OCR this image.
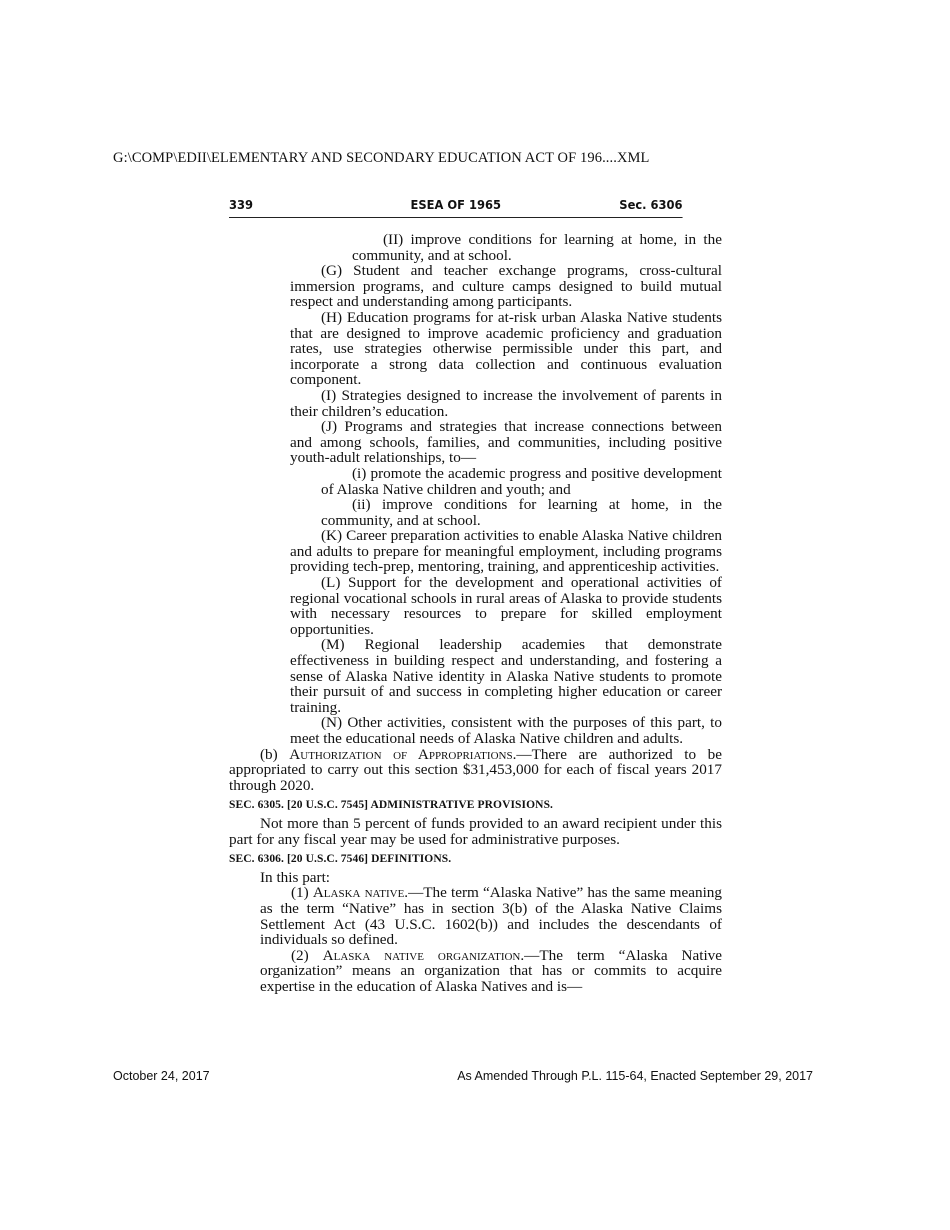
G:\COMP\EDII\ELEMENTARY AND SECONDARY EDUCATION ACT OF 196....XML
339	ESEA OF 1965	Sec. 6306

(II) improve conditions for learning at home, in the community, and at school.

(G) Student and teacher exchange programs, cross-cultural immersion programs, and culture camps designed to build mutual respect and understanding among participants.

(H) Education programs for at-risk urban Alaska Native students that are designed to improve academic proficiency and graduation rates, use strategies otherwise permissible under this part, and incorporate a strong data collection and continuous evaluation component.

(I) Strategies designed to increase the involvement of parents in their children’s education.

(J) Programs and strategies that increase connections between and among schools, families, and communities, including positive youth-adult relationships, to—

(i) promote the academic progress and positive development of Alaska Native children and youth; and

(ii) improve conditions for learning at home, in the community, and at school.

(K) Career preparation activities to enable Alaska Native children and adults to prepare for meaningful employment, including programs providing tech-prep, mentoring, training, and apprenticeship activities.

(L) Support for the development and operational activities of regional vocational schools in rural areas of Alaska to provide students with necessary resources to prepare for skilled employment opportunities.

(M) Regional leadership academies that demonstrate effectiveness in building respect and understanding, and fostering a sense of Alaska Native identity in Alaska Native students to promote their pursuit of and success in completing higher education or career training.

(N) Other activities, consistent with the purposes of this part, to meet the educational needs of Alaska Native children and adults.

(b) Authorization of Appropriations.—There are authorized to be appropriated to carry out this section $31,453,000 for each of fiscal years 2017 through 2020.

SEC. 6305. [20 U.S.C. 7545] ADMINISTRATIVE PROVISIONS.

Not more than 5 percent of funds provided to an award recipient under this part for any fiscal year may be used for administrative purposes.

SEC. 6306. [20 U.S.C. 7546] DEFINITIONS.

In this part:

(1) Alaska native.—The term “Alaska Native” has the same meaning as the term “Native” has in section 3(b) of the Alaska Native Claims Settlement Act (43 U.S.C. 1602(b)) and includes the descendants of individuals so defined.

(2) Alaska native organization.—The term “Alaska Native organization” means an organization that has or commits to acquire expertise in the education of Alaska Natives and is—

October 24, 2017	As Amended Through P.L. 115-64, Enacted September 29, 2017
